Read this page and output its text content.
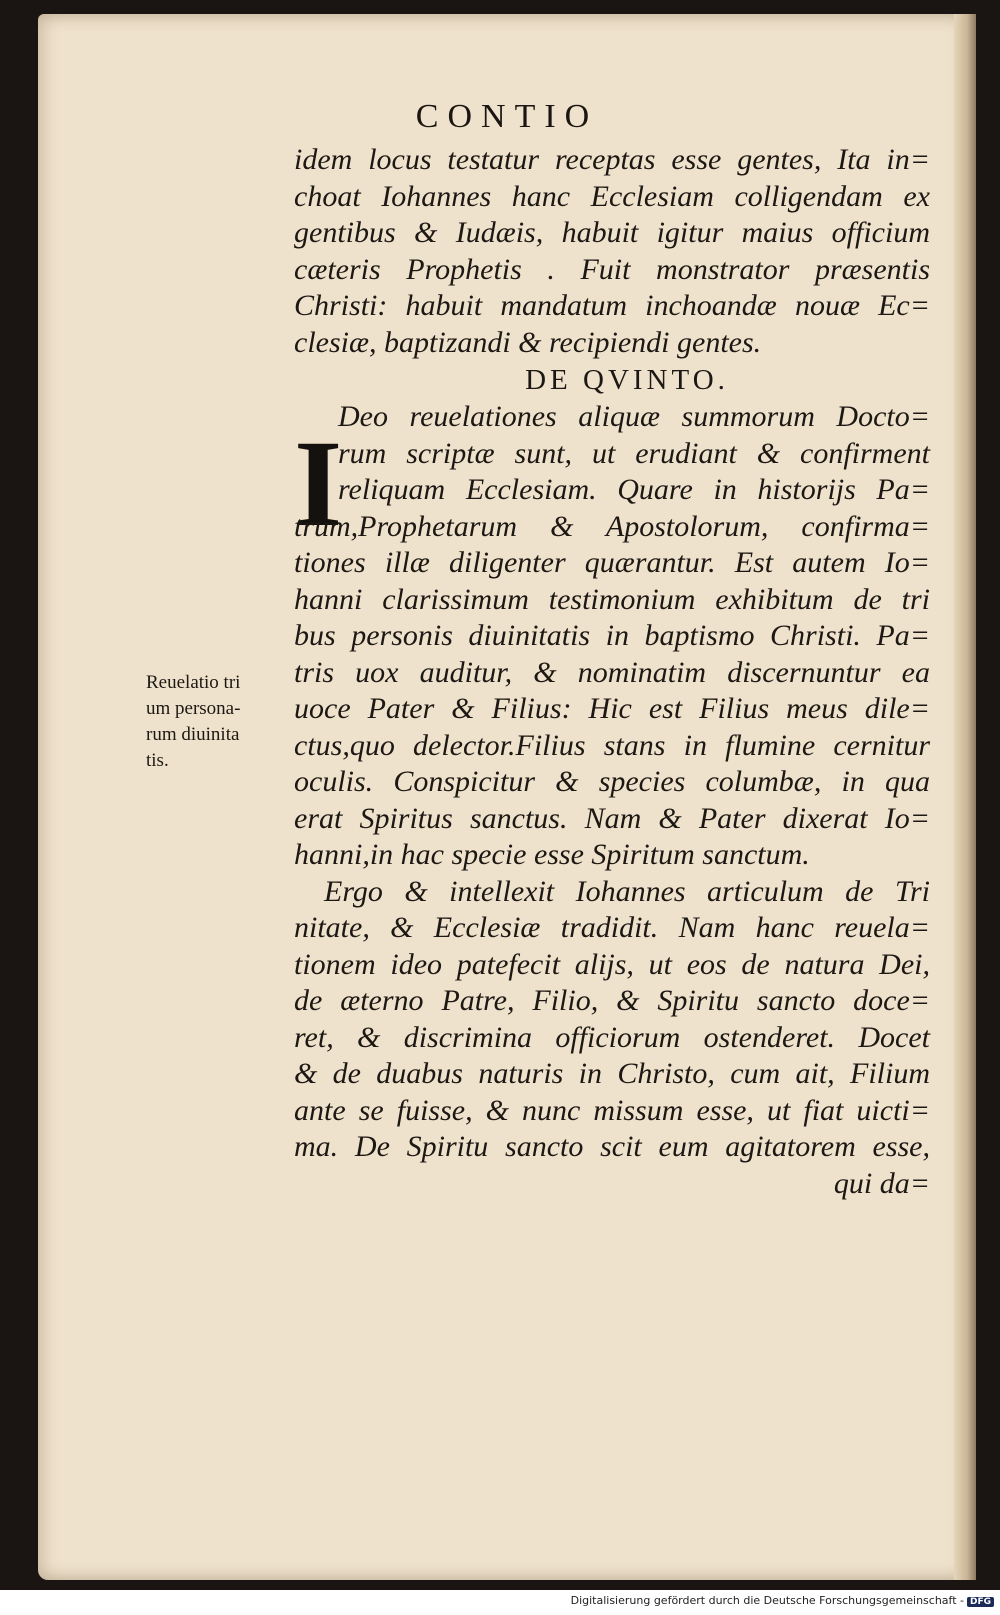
CONTIO
I
idem locus testatur receptas esse gentes, Ita in=
choat Iohannes hanc Ecclesiam colligendam ex
gentibus & Iudæis, habuit igitur maius officium
cæteris Prophetis . Fuit monstrator præsentis
Christi: habuit mandatum inchoandæ nouæ Ec=
clesiæ, baptizandi & recipiendi gentes.
DE QVINTO.
Deo reuelationes aliquæ summorum Docto=
rum scriptæ sunt, ut erudiant & confirment
reliquam Ecclesiam. Quare in historijs Pa=
trum,Prophetarum & Apostolorum, confirma=
tiones illæ diligenter quærantur. Est autem Io=
hanni clarissimum testimonium exhibitum de tri
bus personis diuinitatis in baptismo Christi. Pa=
tris uox auditur, & nominatim discernuntur ea
uoce Pater & Filius: Hic est Filius meus dile=
ctus,quo delector.Filius stans in flumine cernitur
oculis. Conspicitur & species columbæ, in qua
erat Spiritus sanctus. Nam & Pater dixerat Io=
hanni,in hac specie esse Spiritum sanctum.
Ergo & intellexit Iohannes articulum de Tri
nitate, & Ecclesiæ tradidit. Nam hanc reuela=
tionem ideo patefecit alijs, ut eos de natura Dei,
de æterno Patre, Filio, & Spiritu sancto doce=
ret, & discrimina officiorum ostenderet. Docet
& de duabus naturis in Christo, cum ait, Filium
ante se fuisse, & nunc missum esse, ut fiat uicti=
ma. De Spiritu sancto scit eum agitatorem esse,
qui da=
Reuelatio tri
um persona-
rum diuinita
tis.
Digitalisierung gefördert durch die Deutsche Forschungsgemeinschaft - DFG
